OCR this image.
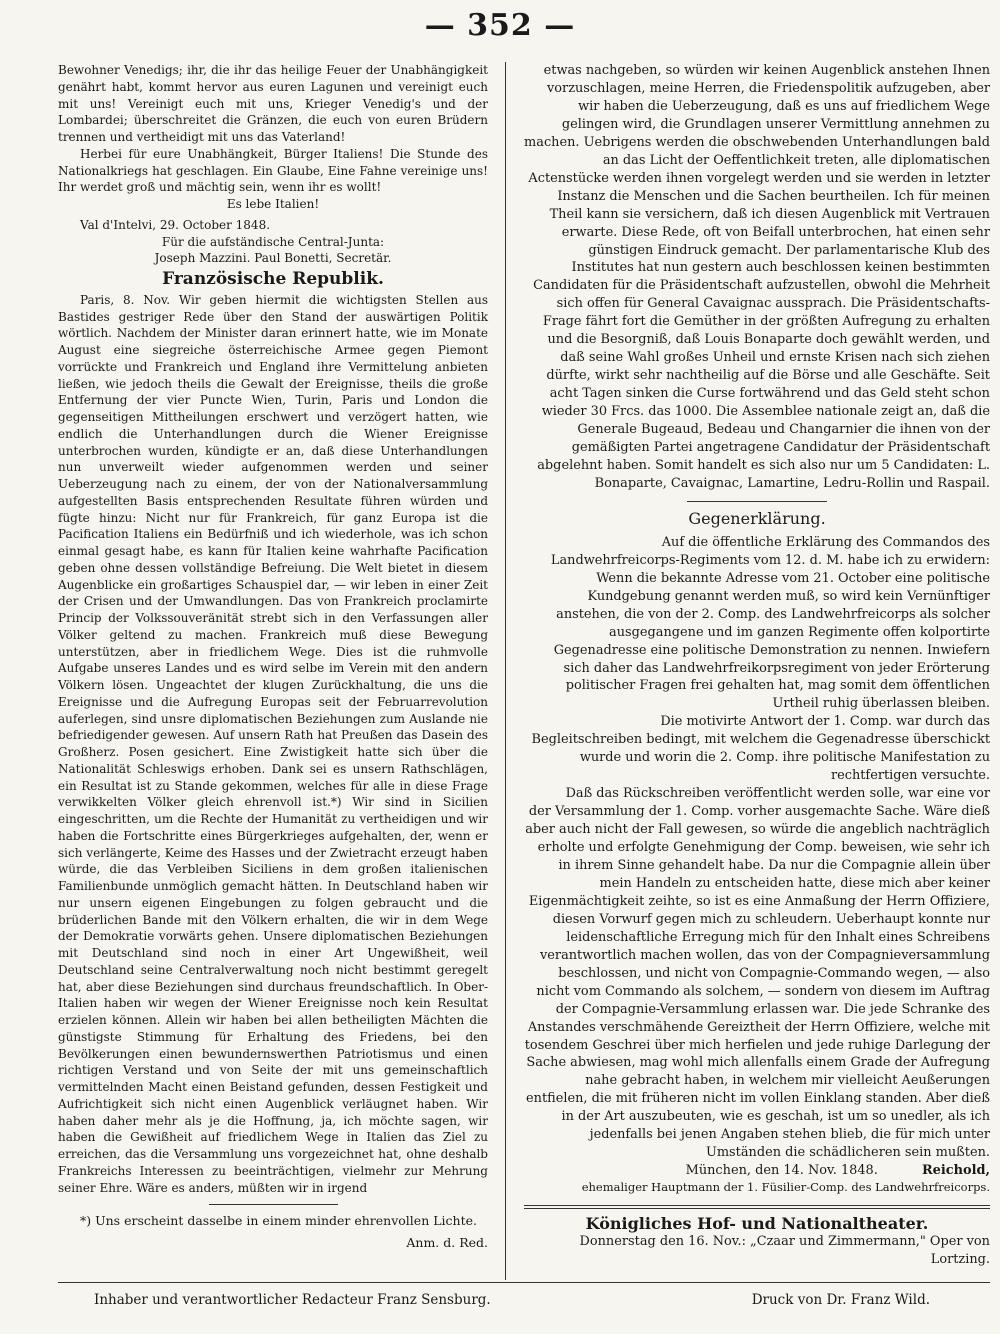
— 352 —

Bewohner Venedigs; ihr, die ihr das heilige Feuer der Unabhängigkeit genährt habt, kommt hervor aus euren Lagunen und vereinigt euch mit uns! Vereinigt euch mit uns, Krieger Venedig's und der Lombardei; überschreitet die Gränzen, die euch von euren Brüdern trennen und vertheidigt mit uns das Vaterland!

Herbei für eure Unabhängkeit, Bürger Italiens! Die Stunde des Nationalkriegs hat geschlagen. Ein Glaube, Eine Fahne vereinige uns! Ihr werdet groß und mächtig sein, wenn ihr es wollt!

Es lebe Italien!

Val d'Intelvi, 29. October 1848.

Für die aufständische Central-Junta:

Joseph Mazzini. Paul Bonetti, Secretär.

Französische Republik.

Paris, 8. Nov. Wir geben hiermit die wichtigsten Stellen aus Bastides gestriger Rede über den Stand der auswärtigen Politik wörtlich. Nachdem der Minister daran erinnert hatte, wie im Monate August eine siegreiche österreichische Armee gegen Piemont vorrückte und Frankreich und England ihre Vermittelung anbieten ließen, wie jedoch theils die Gewalt der Ereignisse, theils die große Entfernung der vier Puncte Wien, Turin, Paris und London die gegenseitigen Mittheilungen erschwert und verzögert hatten, wie endlich die Unterhandlungen durch die Wiener Ereignisse unterbrochen wurden, kündigte er an, daß diese Unterhandlungen nun unverweilt wieder aufgenommen werden und seiner Ueberzeugung nach zu einem, der von der Nationalversammlung aufgestellten Basis entsprechenden Resultate führen würden und fügte hinzu: Nicht nur für Frankreich, für ganz Europa ist die Pacification Italiens ein Bedürfniß und ich wiederhole, was ich schon einmal gesagt habe, es kann für Italien keine wahrhafte Pacification geben ohne dessen vollständige Befreiung. Die Welt bietet in diesem Augenblicke ein großartiges Schauspiel dar, — wir leben in einer Zeit der Crisen und der Umwandlungen. Das von Frankreich proclamirte Princip der Volkssouveränität strebt sich in den Verfassungen aller Völker geltend zu machen. Frankreich muß diese Bewegung unterstützen, aber in friedlichem Wege. Dies ist die ruhmvolle Aufgabe unseres Landes und es wird selbe im Verein mit den andern Völkern lösen. Ungeachtet der klugen Zurückhaltung, die uns die Ereignisse und die Aufregung Europas seit der Februarrevolution auferlegen, sind unsre diplomatischen Beziehungen zum Auslande nie befriedigender gewesen. Auf unsern Rath hat Preußen das Dasein des Großherz. Posen gesichert. Eine Zwistigkeit hatte sich über die Nationalität Schleswigs erhoben. Dank sei es unsern Rathschlägen, ein Resultat ist zu Stande gekommen, welches für alle in diese Frage verwikkelten Völker gleich ehrenvoll ist.*) Wir sind in Sicilien eingeschritten, um die Rechte der Humanität zu vertheidigen und wir haben die Fortschritte eines Bürgerkrieges aufgehalten, der, wenn er sich verlängerte, Keime des Hasses und der Zwietracht erzeugt haben würde, die das Verbleiben Siciliens in dem großen italienischen Familienbunde unmöglich gemacht hätten. In Deutschland haben wir nur unsern eigenen Eingebungen zu folgen gebraucht und die brüderlichen Bande mit den Völkern erhalten, die wir in dem Wege der Demokratie vorwärts gehen. Unsere diplomatischen Beziehungen mit Deutschland sind noch in einer Art Ungewißheit, weil Deutschland seine Centralverwaltung noch nicht bestimmt geregelt hat, aber diese Beziehungen sind durchaus freundschaftlich. In Ober-Italien haben wir wegen der Wiener Ereignisse noch kein Resultat erzielen können. Allein wir haben bei allen betheiligten Mächten die günstigste Stimmung für Erhaltung des Friedens, bei den Bevölkerungen einen bewundernswerthen Patriotismus und einen richtigen Verstand und von Seite der mit uns gemeinschaftlich vermittelnden Macht einen Beistand gefunden, dessen Festigkeit und Aufrichtigkeit sich nicht einen Augenblick verläugnet haben. Wir haben daher mehr als je die Hoffnung, ja, ich möchte sagen, wir haben die Gewißheit auf friedlichem Wege in Italien das Ziel zu erreichen, das die Versammlung uns vorgezeichnet hat, ohne deshalb Frankreichs Interessen zu beeinträchtigen, vielmehr zur Mehrung seiner Ehre. Wäre es anders, müßten wir in irgend

*) Uns erscheint dasselbe in einem minder ehrenvollen Lichte.

Anm. d. Red.

etwas nachgeben, so würden wir keinen Augenblick anstehen Ihnen vorzuschlagen, meine Herren, die Friedenspolitik aufzugeben, aber wir haben die Ueberzeugung, daß es uns auf friedlichem Wege gelingen wird, die Grundlagen unserer Vermittlung annehmen zu machen. Uebrigens werden die obschwebenden Unterhandlungen bald an das Licht der Oeffentlichkeit treten, alle diplomatischen Actenstücke werden ihnen vorgelegt werden und sie werden in letzter Instanz die Menschen und die Sachen beurtheilen. Ich für meinen Theil kann sie versichern, daß ich diesen Augenblick mit Vertrauen erwarte. Diese Rede, oft von Beifall unterbrochen, hat einen sehr günstigen Eindruck gemacht. Der parlamentarische Klub des Institutes hat nun gestern auch beschlossen keinen bestimmten Candidaten für die Präsidentschaft aufzustellen, obwohl die Mehrheit sich offen für General Cavaignac aussprach. Die Präsidentschafts-Frage fährt fort die Gemüther in der größten Aufregung zu erhalten und die Besorgniß, daß Louis Bonaparte doch gewählt werden, und daß seine Wahl großes Unheil und ernste Krisen nach sich ziehen dürfte, wirkt sehr nachtheilig auf die Börse und alle Geschäfte. Seit acht Tagen sinken die Curse fortwährend und das Geld steht schon wieder 30 Frcs. das 1000. Die Assemblee nationale zeigt an, daß die Generale Bugeaud, Bedeau und Changarnier die ihnen von der gemäßigten Partei angetragene Candidatur der Präsidentschaft abgelehnt haben. Somit handelt es sich also nur um 5 Candidaten: L. Bonaparte, Cavaignac, Lamartine, Ledru-Rollin und Raspail.

Gegenerklärung.

Auf die öffentliche Erklärung des Commandos des Landwehrfreicorps-Regiments vom 12. d. M. habe ich zu erwidern:

Wenn die bekannte Adresse vom 21. October eine politische Kundgebung genannt werden muß, so wird kein Vernünftiger anstehen, die von der 2. Comp. des Landwehrfreicorps als solcher ausgegangene und im ganzen Regimente offen kolportirte Gegenadresse eine politische Demonstration zu nennen. Inwiefern sich daher das Landwehrfreikorpsregiment von jeder Erörterung politischer Fragen frei gehalten hat, mag somit dem öffentlichen Urtheil ruhig überlassen bleiben.

Die motivirte Antwort der 1. Comp. war durch das Begleitschreiben bedingt, mit welchem die Gegenadresse überschickt wurde und worin die 2. Comp. ihre politische Manifestation zu rechtfertigen versuchte.

Daß das Rückschreiben veröffentlicht werden solle, war eine vor der Versammlung der 1. Comp. vorher ausgemachte Sache. Wäre dieß aber auch nicht der Fall gewesen, so würde die angeblich nachträglich erholte und erfolgte Genehmigung der Comp. beweisen, wie sehr ich in ihrem Sinne gehandelt habe. Da nur die Compagnie allein über mein Handeln zu entscheiden hatte, diese mich aber keiner Eigenmächtigkeit zeihte, so ist es eine Anmaßung der Herrn Offiziere, diesen Vorwurf gegen mich zu schleudern. Ueberhaupt konnte nur leidenschaftliche Erregung mich für den Inhalt eines Schreibens verantwortlich machen wollen, das von der Compagnieversammlung beschlossen, und nicht von Compagnie-Commando wegen, — also nicht vom Commando als solchem, — sondern von diesem im Auftrag der Compagnie-Versammlung erlassen war. Die jede Schranke des Anstandes verschmähende Gereiztheit der Herrn Offiziere, welche mit tosendem Geschrei über mich herfielen und jede ruhige Darlegung der Sache abwiesen, mag wohl mich allenfalls einem Grade der Aufregung nahe gebracht haben, in welchem mir vielleicht Aeußerungen entfielen, die mit früheren nicht im vollen Einklang standen. Aber dieß in der Art auszubeuten, wie es geschah, ist um so unedler, als ich jedenfalls bei jenen Angaben stehen blieb, die für mich unter Umständen die schädlicheren sein mußten.

München, den 14. Nov. 1848.	Reichold,

ehemaliger Hauptmann der 1. Füsilier-Comp. des Landwehrfreicorps.

Königliches Hof- und Nationaltheater.

Donnerstag den 16. Nov.: „Czaar und Zimmermann," Oper von Lortzing.

Inhaber und verantwortlicher Redacteur Franz Sensburg.	Druck von Dr. Franz Wild.
